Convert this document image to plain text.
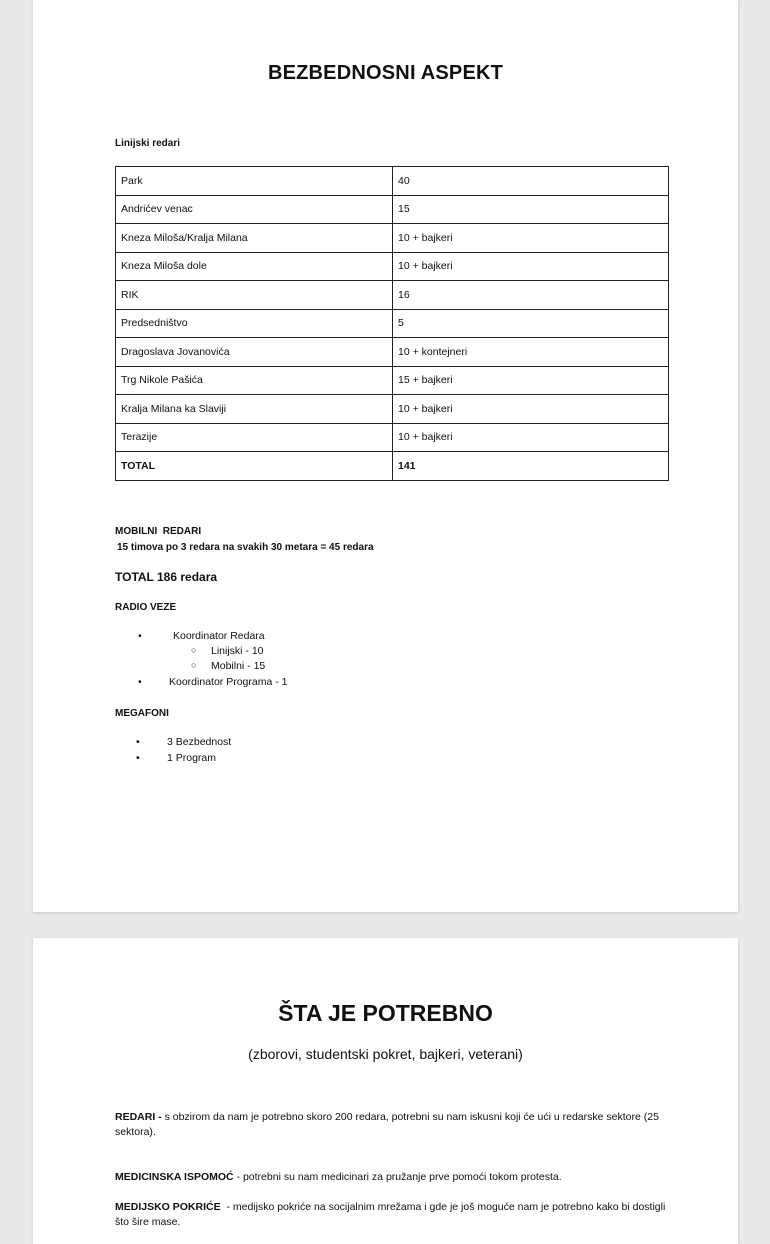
BEZBEDNOSNI ASPEKT
Linijski redari
Park	40
Andrićev venac	15
Kneza Miloša/Kralja Milana	10 + bajkeri
Kneza Miloša dole	10 + bajkeri
RIK	16
Predsedništvo	5
Dragoslava Jovanovića	10 + kontejneri
Trg Nikole Pašića	15 + bajkeri
Kralja Milana ka Slaviji	10 + bajkeri
Terazije	10 + bajkeri
TOTAL	141
MOBILNI  REDARI
15 timova po 3 redara na svakih 30 metara = 45 redara
TOTAL 186 redara
RADIO VEZE
•	Koordinator Redara
○ Linijski - 10
○ Mobilni - 15
•	Koordinator Programa - 1
MEGAFONI
•	3 Bezbednost
•	1 Program
ŠTA JE POTREBNO
(zborovi, studentski pokret, bajkeri, veterani)
REDARI - s obzirom da nam je potrebno skoro 200 redara, potrebni su nam iskusni koji će ući u redarske sektore (25 sektora).
MEDICINSKA ISPOMOĆ - potrebni su nam medicinari za pružanje prve pomoći tokom protesta.
MEDIJSKO POKRIĆE  - medijsko pokriće na socijalnim mrežama i gde je još moguće nam je potrebno kako bi dostigli što šire mase.
